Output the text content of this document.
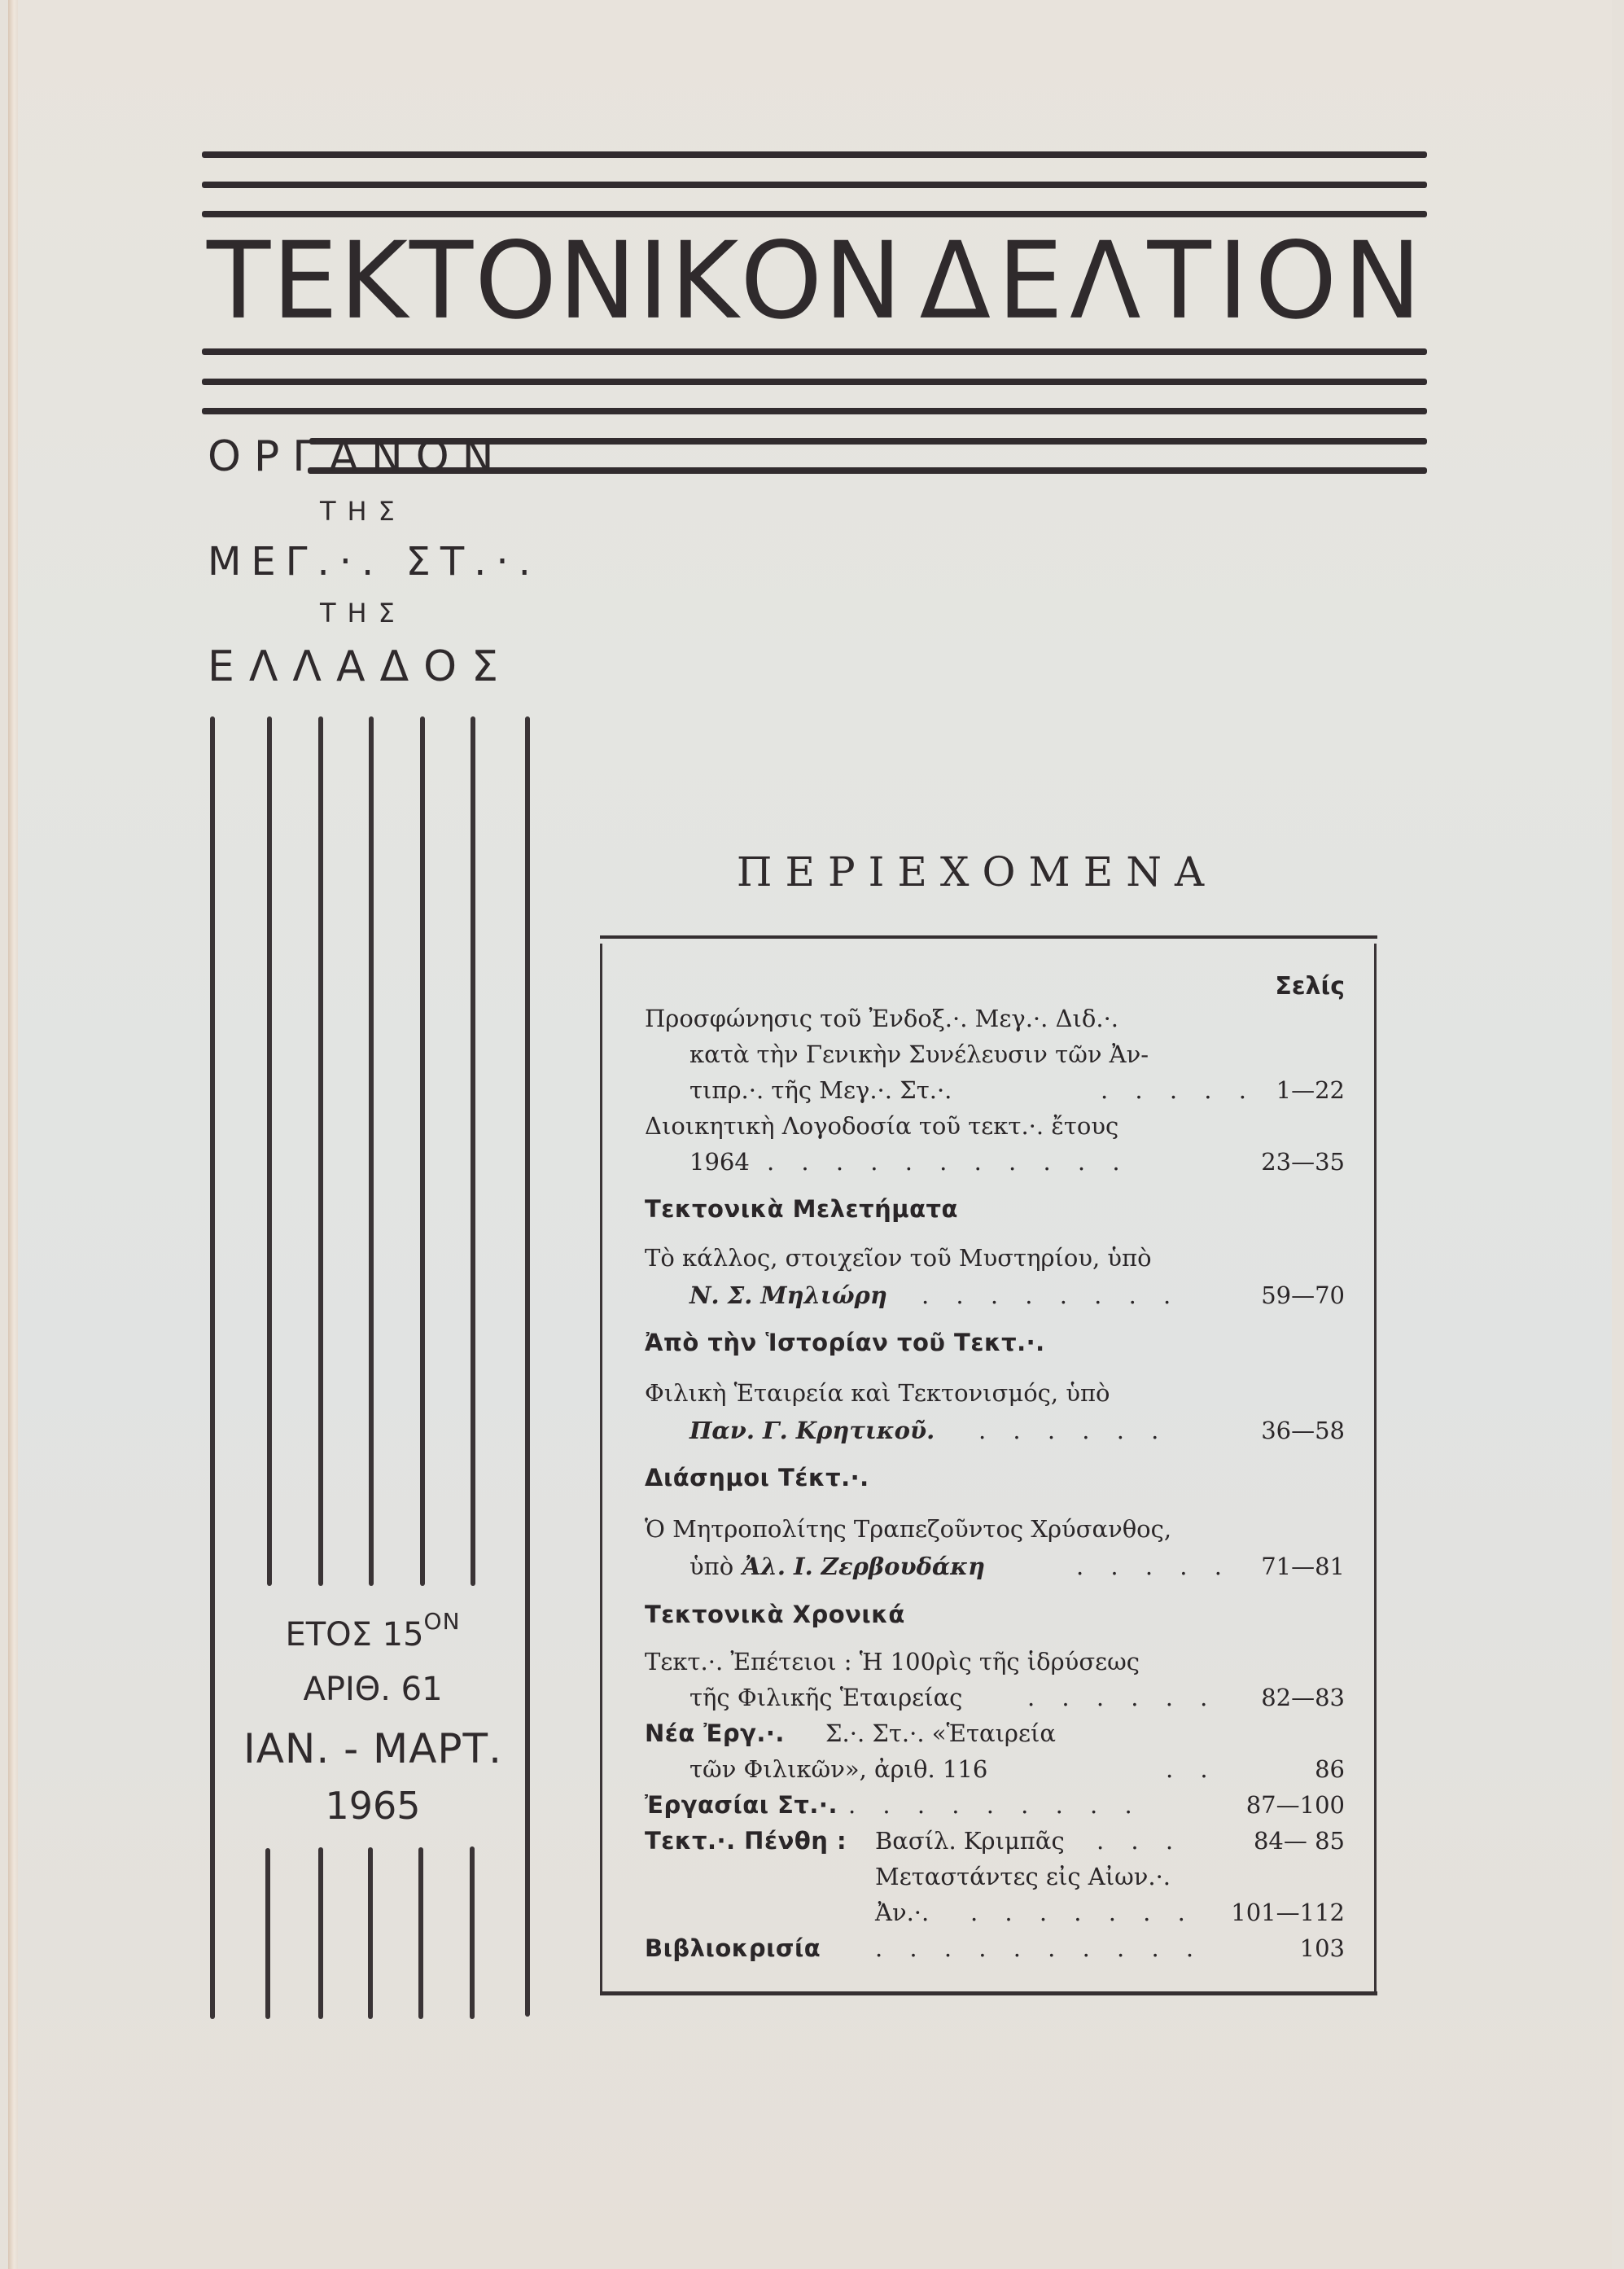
ΤΕΚΤΟΝΙΚΟΝ ΔΕΛΤΙΟΝ
ΟΡΓΑΝΟΝ
ΤΗΣ
ΜΕΓ.·. ΣΤ.·.
ΤΗΣ
ΕΛΛΑΔΟΣ
ΕΤΟΣ $15^{ON}$
ΑΡΙΘ. 61
ΙΑΝ. - ΜΑΡΤ.
1965
ΠΕΡΙΕΧΟΜΕΝΑ
Σελίς
Προσφώνησις τοῦ Ἐνδοξ.·. Μεγ.·. Διδ.·.
κατὰ τὴν Γενικὴν Συνέλευσιν τῶν Ἀν-
τιπρ.·. τῆς Μεγ.·. Στ.·.	. . . . . 1—22
Διοικητικὴ Λογοδοσία τοῦ τεκτ.·. ἔτους
1964 . . . . . . . . . . .	23—35
Τεκτονικὰ Μελετήματα
Τὸ κάλλος, στοιχεῖον τοῦ Μυστηρίου, ὑπὸ
Ν. Σ. Μηλιώρη . . . . . . . .	59—70
Ἀπὸ τὴν Ἱστορίαν τοῦ Τεκτ.·.
Φιλικὴ Ἑταιρεία καὶ Τεκτονισμός, ὑπὸ
Παν. Γ. Κρητικοῦ. . . . . . .	36—58
Διάσημοι Τέκτ.·.
Ὁ Μητροπολίτης Τραπεζοῦντος Χρύσανθος,
ὑπὸ Ἀλ. Ι. Ζερβουδάκη	. . . . . 71—81
Τεκτονικὰ Χρονικά
Τεκτ.·. Ἐπέτειοι : Ἡ 100ρὶς τῆς ἱδρύσεως
τῆς Φιλικῆς Ἑταιρείας	. . . . . . 82—83
Νέα Ἐργ.·. Σ.·. Στ.·. «Ἑταιρεία
τῶν Φιλικῶν», ἀριθ. 116	. .	86
Ἐργασίαι Στ.·. . . . . . . . . .	87—100
Τεκτ.·. Πένθη : Βασίλ. Κριμπᾶς . . .	84— 85
Μεταστάντες εἰς Αἰων.·.
Ἀν.·. . . . . . . . 101—112
Βιβλιοκρισία . . . . . . . . . .	103
